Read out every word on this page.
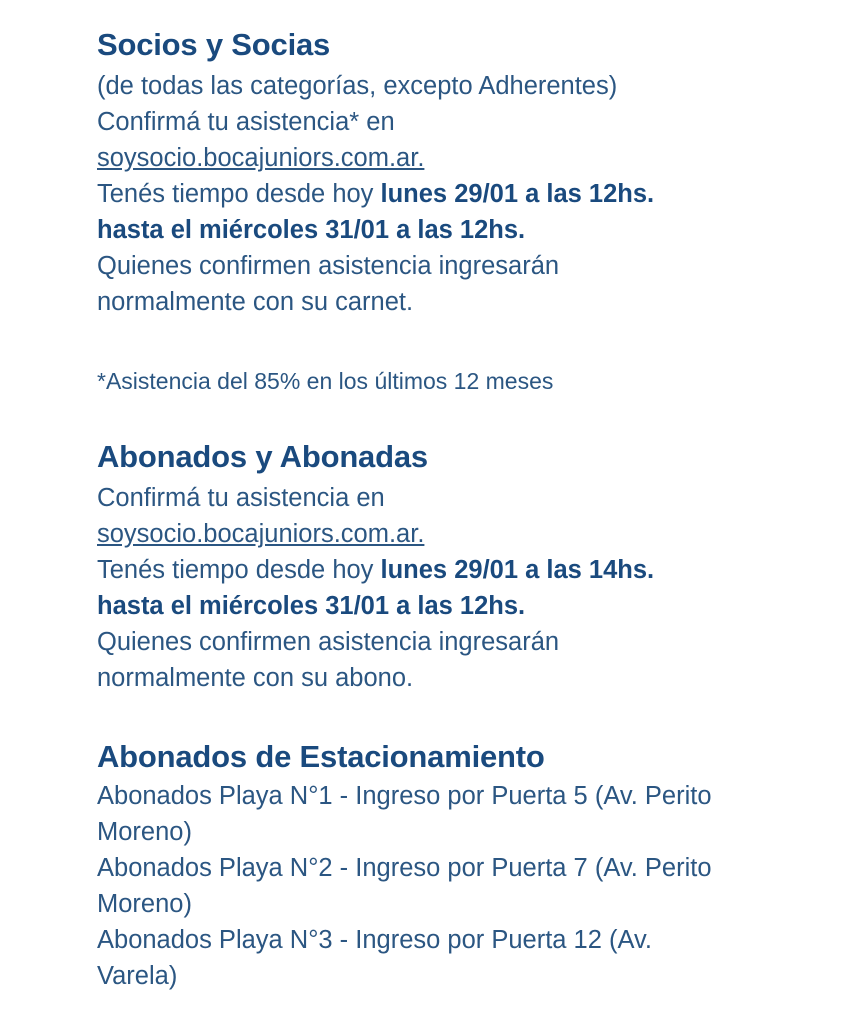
Socios y Socias

(de todas las categorías, excepto Adherentes)

Confirmá tu asistencia* en

soysocio.bocajuniors.com.ar.

Tenés tiempo desde hoy lunes 29/01 a las 12hs.

hasta el miércoles 31/01 a las 12hs.

Quienes confirmen asistencia ingresarán

normalmente con su carnet.

*Asistencia del 85% en los últimos 12 meses

Abonados y Abonadas

Confirmá tu asistencia en

soysocio.bocajuniors.com.ar.

Tenés tiempo desde hoy lunes 29/01 a las 14hs.

hasta el miércoles 31/01 a las 12hs.

Quienes confirmen asistencia ingresarán

normalmente con su abono.

Abonados de Estacionamiento

Abonados Playa N°1 - Ingreso por Puerta 5 (Av. Perito Moreno)

Abonados Playa N°2 - Ingreso por Puerta 7 (Av. Perito Moreno)

Abonados Playa N°3 - Ingreso por Puerta 12 (Av. Varela)
